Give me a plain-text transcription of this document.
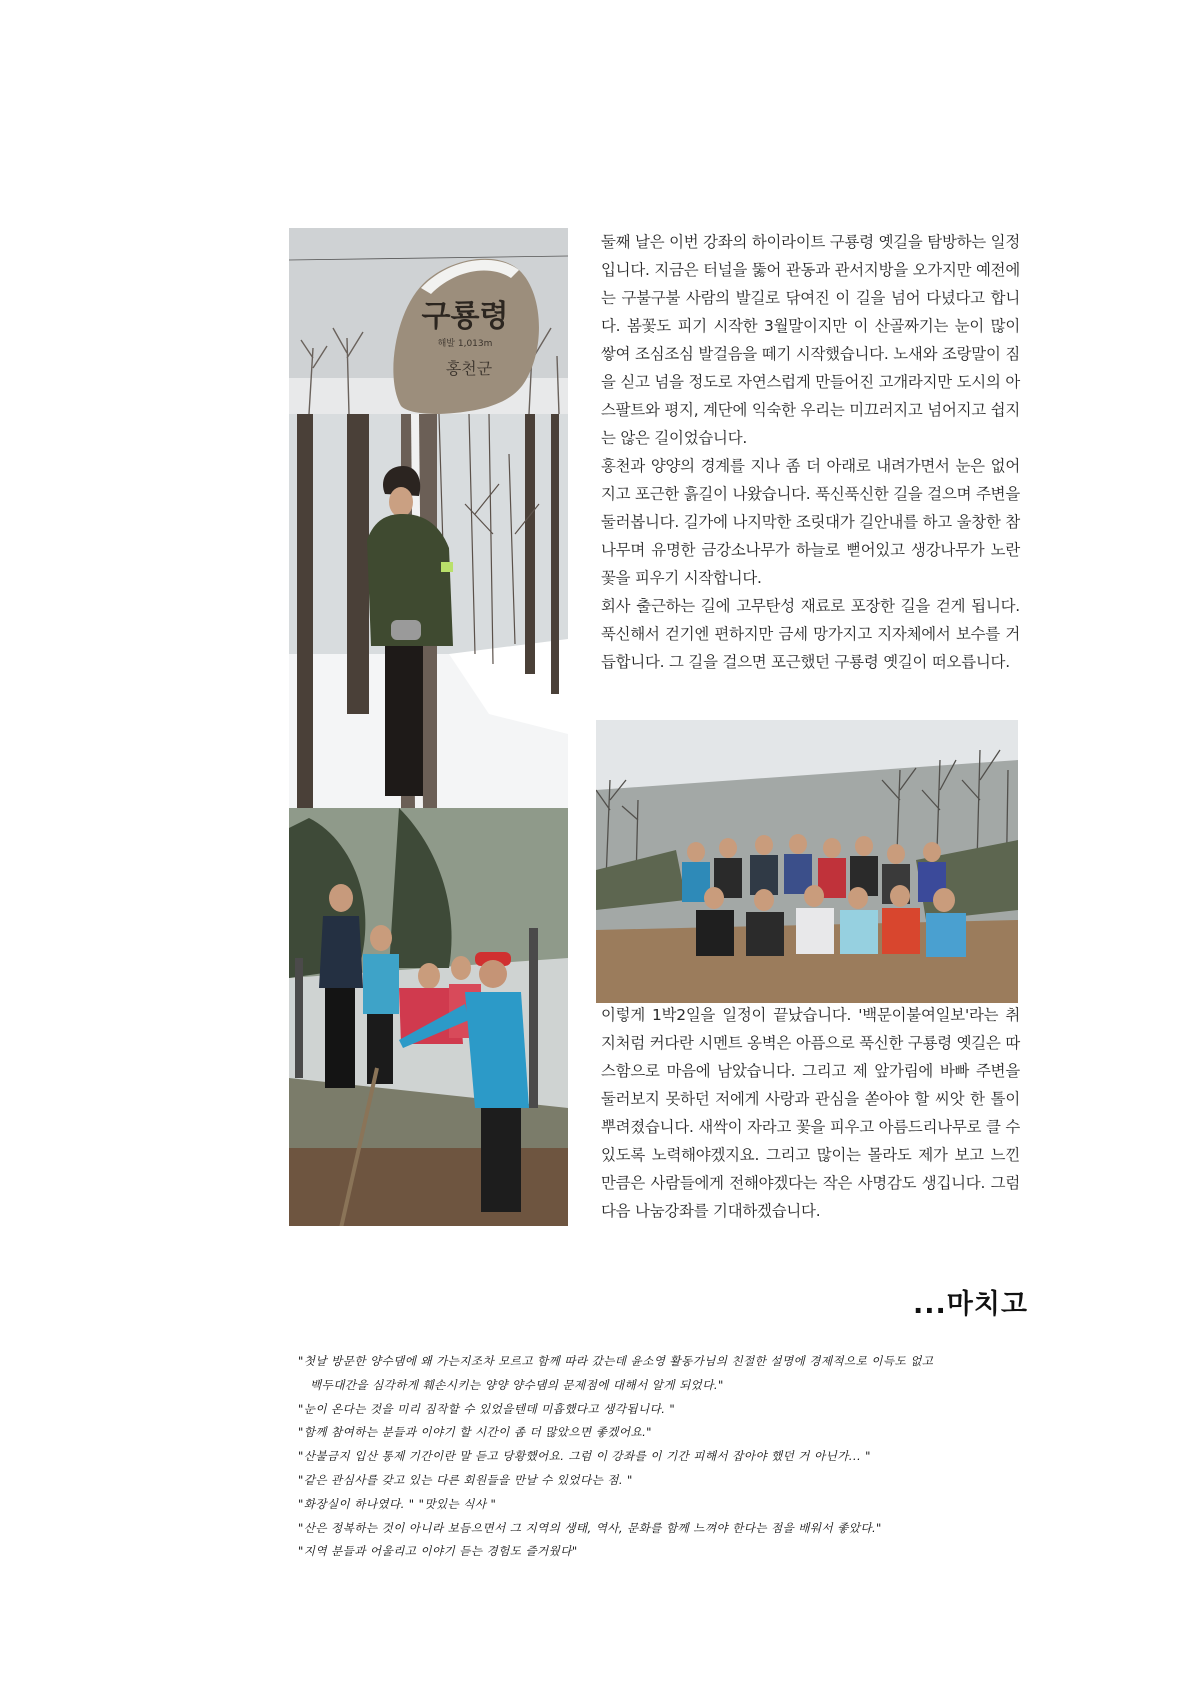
구룡령
해발 1,013m
홍천군

둘째 날은 이번 강좌의 하이라이트 구룡령 옛길을 탐방하는 일정입니다. 지금은 터널을 뚫어 관동과 관서지방을 오가지만 예전에는 구불구불 사람의 발길로 닦여진 이 길을 넘어 다녔다고 합니다. 봄꽃도 피기 시작한 3월말이지만 이 산골짜기는 눈이 많이 쌓여 조심조심 발걸음을 떼기 시작했습니다. 노새와 조랑말이 짐을 싣고 넘을 정도로 자연스럽게 만들어진 고개라지만 도시의 아스팔트와 평지, 계단에 익숙한 우리는 미끄러지고 넘어지고 쉽지는 않은 길이었습니다.

홍천과 양양의 경계를 지나 좀 더 아래로 내려가면서 눈은 없어지고 포근한 흙길이 나왔습니다. 푹신푹신한 길을 걸으며 주변을 둘러봅니다. 길가에 나지막한 조릿대가 길안내를 하고 울창한 참나무며 유명한 금강소나무가 하늘로 뻗어있고 생강나무가 노란 꽃을 피우기 시작합니다.

회사 출근하는 길에 고무탄성 재료로 포장한 길을 걷게 됩니다. 푹신해서 걷기엔 편하지만 금세 망가지고 지자체에서 보수를 거듭합니다. 그 길을 걸으면 포근했던 구룡령 옛길이 떠오릅니다.

이렇게 1박2일을 일정이 끝났습니다. '백문이불여일보'라는 취지처럼 커다란 시멘트 옹벽은 아픔으로 푹신한 구룡령 옛길은 따스함으로 마음에 남았습니다. 그리고 제 앞가림에 바빠 주변을 둘러보지 못하던 저에게 사랑과 관심을 쏟아야 할 씨앗 한 톨이 뿌려졌습니다. 새싹이 자라고 꽃을 피우고 아름드리나무로 클 수 있도록 노력해야겠지요. 그리고 많이는 몰라도 제가 보고 느낀 만큼은 사람들에게 전해야겠다는 작은 사명감도 생깁니다. 그럼 다음 나눔강좌를 기대하겠습니다.

...마치고
"첫날 방문한 양수댐에 왜 가는지조차 모르고 함께 따라 갔는데 윤소영 활동가님의 친절한 설명에 경제적으로 이득도 없고
백두대간을 심각하게 훼손시키는 양양 양수댐의 문제점에 대해서 알게 되었다."
"눈이 온다는 것을 미리 짐작할 수 있었을텐데 미흡했다고 생각됩니다. "
"함께 참여하는 분들과 이야기 할 시간이 좀 더 많았으면 좋겠어요."
"산불금지 입산 통제 기간이란 말 듣고 당황했어요. 그럼 이 강좌를 이 기간 피해서 잡아야 했던 거 아닌가... "
"같은 관심사를 갖고 있는 다른 회원들을 만날 수 있었다는 점. "
"화장실이 하나였다. " "맛있는 식사 "
"산은 정복하는 것이 아니라 보듬으면서 그 지역의 생태, 역사, 문화를 함께 느껴야 한다는 점을 배워서 좋았다."
"지역 분들과 어울리고 이야기 듣는 경험도 즐거웠다"
